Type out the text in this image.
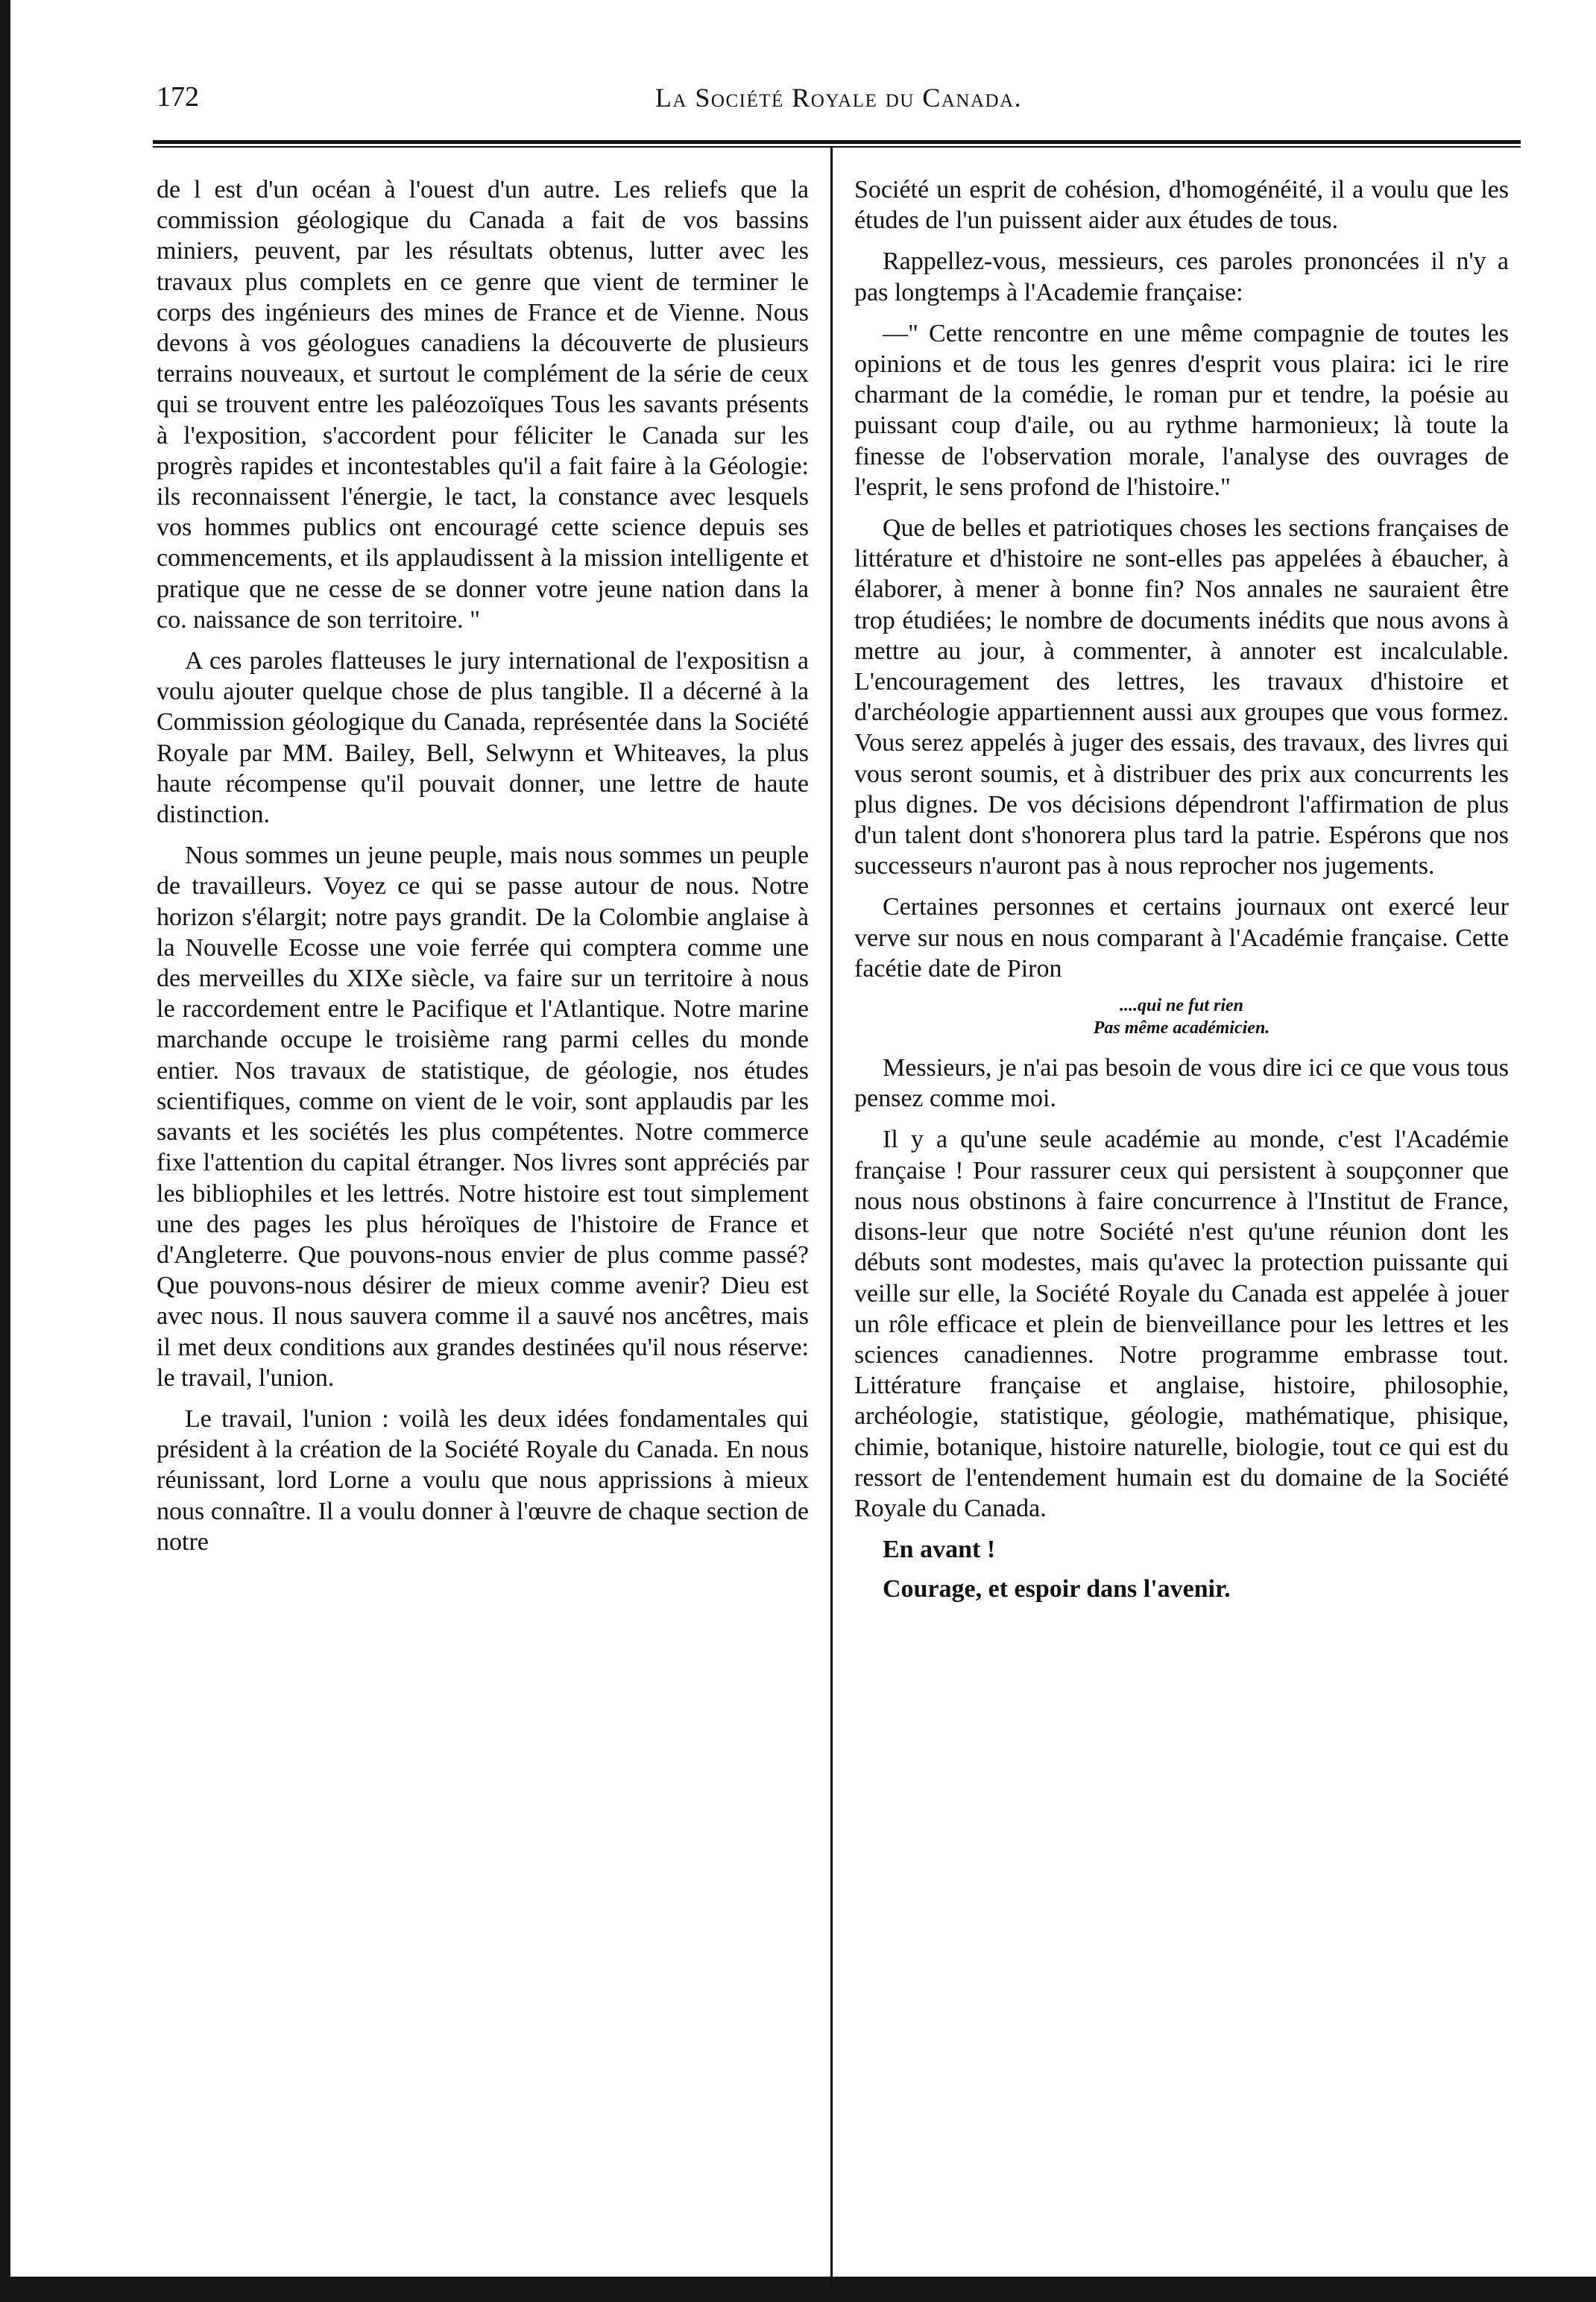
172	La Société Royale du Canada.

de l est d'un océan à l'ouest d'un autre. Les reliefs que la commission géologique du Canada a fait de vos bassins miniers, peuvent, par les résultats obtenus, lutter avec les travaux plus complets en ce genre que vient de terminer le corps des ingénieurs des mines de France et de Vienne. Nous devons à vos géologues canadiens la découverte de plusieurs terrains nouveaux, et surtout le complément de la série de ceux qui se trouvent entre les paléozoïques Tous les savants présents à l'exposition, s'accordent pour féliciter le Canada sur les progrès rapides et incontestables qu'il a fait faire à la Géologie: ils reconnaissent l'énergie, le tact, la constance avec lesquels vos hommes publics ont encouragé cette science depuis ses commencements, et ils applaudissent à la mission intelligente et pratique que ne cesse de se donner votre jeune nation dans la co. naissance de son territoire. "

A ces paroles flatteuses le jury international de l'expositisn a voulu ajouter quelque chose de plus tangible. Il a décerné à la Commission géologique du Canada, représentée dans la Société Royale par MM. Bailey, Bell, Selwynn et Whiteaves, la plus haute récompense qu'il pouvait donner, une lettre de haute distinction.

Nous sommes un jeune peuple, mais nous sommes un peuple de travailleurs. Voyez ce qui se passe autour de nous. Notre horizon s'élargit; notre pays grandit. De la Colombie anglaise à la Nouvelle Ecosse une voie ferrée qui comptera comme une des merveilles du XIXe siècle, va faire sur un territoire à nous le raccordement entre le Pacifique et l'Atlantique. Notre marine marchande occupe le troisième rang parmi celles du monde entier. Nos travaux de statistique, de géologie, nos études scientifiques, comme on vient de le voir, sont applaudis par les savants et les sociétés les plus compétentes. Notre commerce fixe l'attention du capital étranger. Nos livres sont appréciés par les bibliophiles et les lettrés. Notre histoire est tout simplement une des pages les plus héroïques de l'histoire de France et d'Angleterre. Que pouvons-nous envier de plus comme passé? Que pouvons-nous désirer de mieux comme avenir? Dieu est avec nous. Il nous sauvera comme il a sauvé nos ancêtres, mais il met deux conditions aux grandes destinées qu'il nous réserve: le travail, l'union.

Le travail, l'union : voilà les deux idées fondamentales qui président à la création de la Société Royale du Canada. En nous réunissant, lord Lorne a voulu que nous apprissions à mieux nous connaître. Il a voulu donner à l'œuvre de chaque section de notre

Société un esprit de cohésion, d'homogénéité, il a voulu que les études de l'un puissent aider aux études de tous.

Rappellez-vous, messieurs, ces paroles prononcées il n'y a pas longtemps à l'Academie française:

—" Cette rencontre en une même compagnie de toutes les opinions et de tous les genres d'esprit vous plaira: ici le rire charmant de la comédie, le roman pur et tendre, la poésie au puissant coup d'aile, ou au rythme harmonieux; là toute la finesse de l'observation morale, l'analyse des ouvrages de l'esprit, le sens profond de l'histoire."

Que de belles et patriotiques choses les sections françaises de littérature et d'histoire ne sont-elles pas appelées à ébaucher, à élaborer, à mener à bonne fin? Nos annales ne sauraient être trop étudiées; le nombre de documents inédits que nous avons à mettre au jour, à commenter, à annoter est incalculable. L'encouragement des lettres, les travaux d'histoire et d'archéologie appartiennent aussi aux groupes que vous formez. Vous serez appelés à juger des essais, des travaux, des livres qui vous seront soumis, et à distribuer des prix aux concurrents les plus dignes. De vos décisions dépendront l'affirmation de plus d'un talent dont s'honorera plus tard la patrie. Espérons que nos successeurs n'auront pas à nous reprocher nos jugements.

Certaines personnes et certains journaux ont exercé leur verve sur nous en nous comparant à l'Académie française. Cette facétie date de Piron

....qui ne fut rien
Pas même académicien.

Messieurs, je n'ai pas besoin de vous dire ici ce que vous tous pensez comme moi.

Il y a qu'une seule académie au monde, c'est l'Académie française ! Pour rassurer ceux qui persistent à soupçonner que nous nous obstinons à faire concurrence à l'Institut de France, disons-leur que notre Société n'est qu'une réunion dont les débuts sont modestes, mais qu'avec la protection puissante qui veille sur elle, la Société Royale du Canada est appelée à jouer un rôle efficace et plein de bienveillance pour les lettres et les sciences canadiennes. Notre programme embrasse tout. Littérature française et anglaise, histoire, philosophie, archéologie, statistique, géologie, mathématique, phisique, chimie, botanique, histoire naturelle, biologie, tout ce qui est du ressort de l'entendement humain est du domaine de la Société Royale du Canada.

En avant !
Courage, et espoir dans l'avenir.
